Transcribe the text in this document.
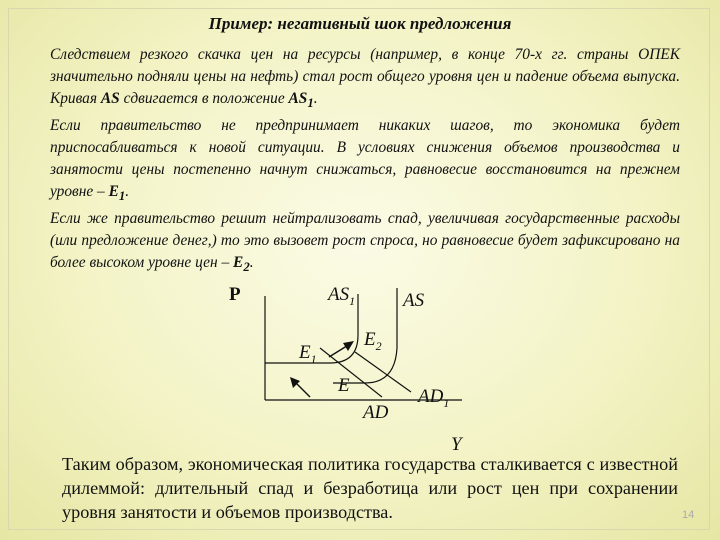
Пример: негативный шок предложения

Следствием резкого скачка цен на ресурсы (например, в конце 70-х гг. страны ОПЕК значительно подняли цены на нефть) стал рост общего уровня цен и падение объема выпуска. Кривая AS сдвигается в положение $AS_1$.

Если правительство не предпринимает никаких шагов, то экономика будет приспосабливаться к новой ситуации. В условиях снижения объемов производства и занятости цены постепенно начнут снижаться, равновесие восстановится на прежнем уровне – $E_1$.

Если же правительство решит нейтрализовать спад, увеличивая государственные расходы (или предложение денег,) то это вызовет рост спроса, но равновесие будет зафиксировано на более высоком уровне цен – $E_2$.

P	$AS_1$	AS
$E_1$
$E_2$
E
AD
$AD_1$
Y
Таким образом, экономическая политика государства сталкивается с известной дилеммой: длительный спад и безработица или рост цен при сохранении уровня занятости и объемов производства.	14
